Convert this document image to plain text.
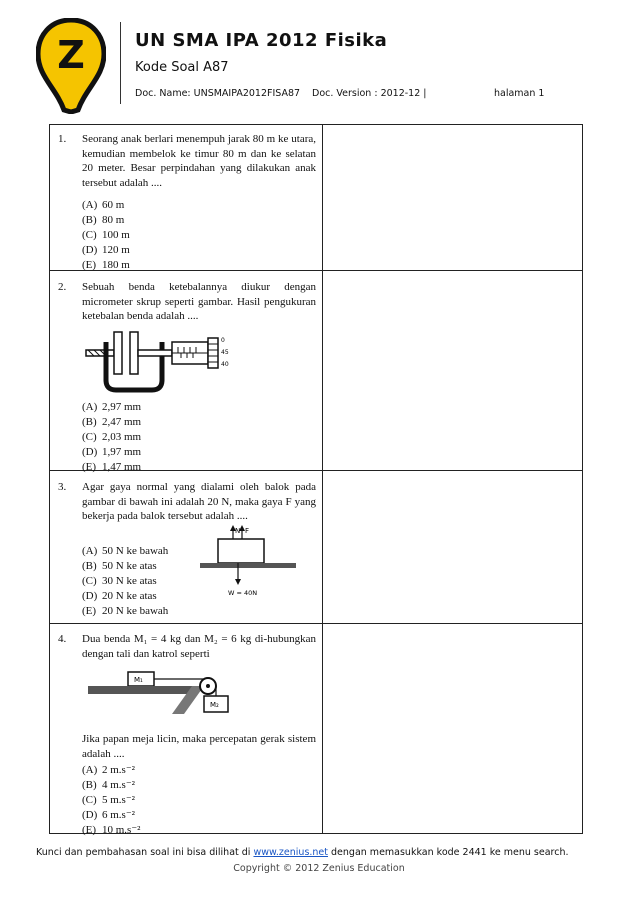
Z	UN SMA IPA 2012 Fisika
Kode Soal A87
Doc. Name: UNSMAIPA2012FISA87 Doc. Version : 2012-12 |	halaman 1
1. Seorang anak berlari menempuh jarak 80 m ke utara, kemudian membelok ke timur 80 m dan ke selatan 20 meter. Besar perpindahan yang dilakukan anak tersebut adalah ....
(A) 60 m
(B) 80 m
(C) 100 m
(D) 120 m
(E) 180 m
2. Sebuah benda ketebalannya diukur dengan micrometer skrup seperti gambar. Hasil pengukuran ketebalan benda adalah ....
0
45
40
(A) 2,97 mm
(B) 2,47 mm
(C) 2,03 mm
(D) 1,97 mm
(E) 1,47 mm
3. Agar gaya normal yang dialami oleh balok pada gambar di bawah ini adalah 20 N, maka gaya F yang bekerja pada balok tersebut adalah ....
(A) 50 N ke bawah
(B) 50 N ke atas
(C) 30 N ke atas
(D) 20 N ke atas
(E) 20 N ke bawah
N F
W = 40N
4. Dua benda M₁ = 4 kg dan M₂ = 6 kg di-hubungkan dengan tali dan katrol seperti
M₁
M₂
Jika papan meja licin, maka percepatan gerak sistem adalah ....
(A) 2 m.s⁻²
(B) 4 m.s⁻²
(C) 5 m.s⁻²
(D) 6 m.s⁻²
(E) 10 m.s⁻²
Kunci dan pembahasan soal ini bisa dilihat di www.zenius.net dengan memasukkan kode 2441 ke menu search.
Copyright © 2012 Zenius Education
